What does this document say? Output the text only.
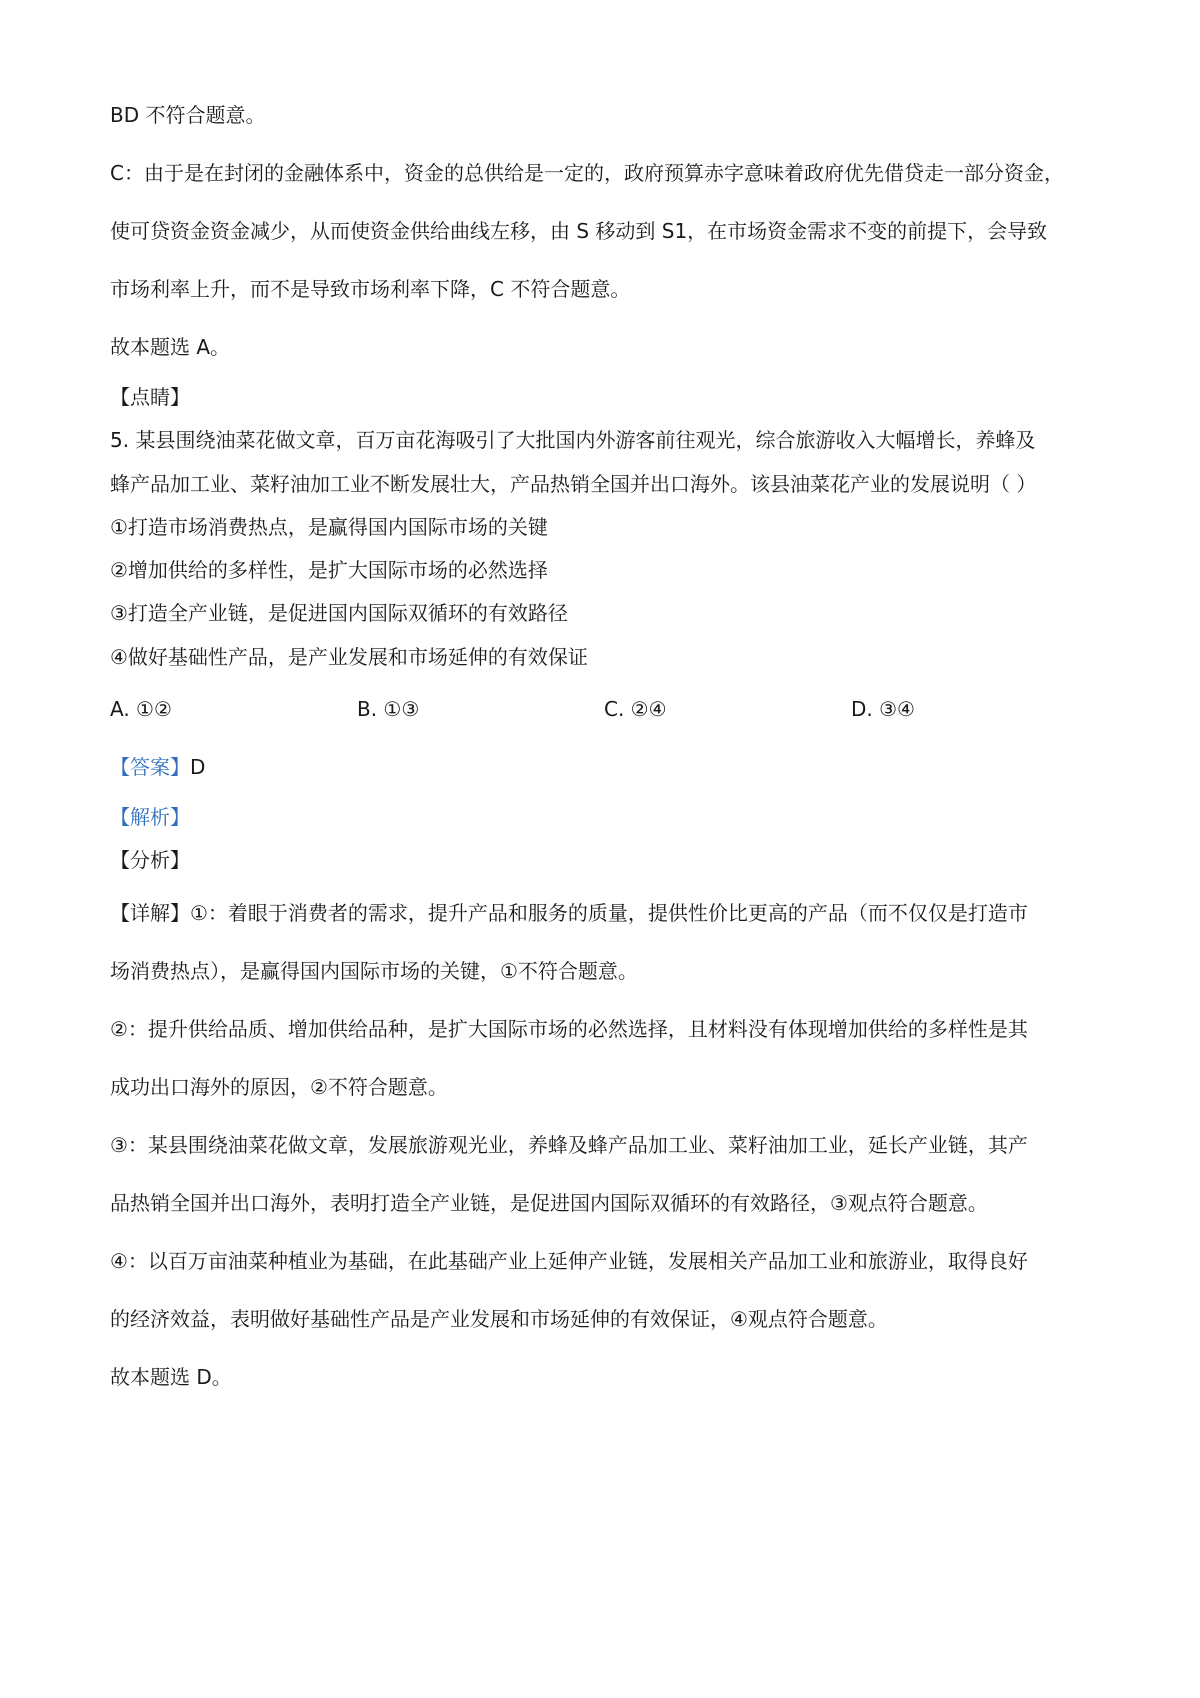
BD 不符合题意。
C：由于是在封闭的金融体系中，资金的总供给是一定的，政府预算赤字意味着政府优先借贷走一部分资金，
使可贷资金资金减少，从而使资金供给曲线左移，由 S 移动到 S1，在市场资金需求不变的前提下，会导致
市场利率上升，而不是导致市场利率下降，C 不符合题意。
故本题选 A。
【点睛】
5. 某县围绕油菜花做文章，百万亩花海吸引了大批国内外游客前往观光，综合旅游收入大幅增长，养蜂及
蜂产品加工业、菜籽油加工业不断发展壮大，产品热销全国并出口海外。该县油菜花产业的发展说明（ ）
①打造市场消费热点，是赢得国内国际市场的关键
②增加供给的多样性，是扩大国际市场的必然选择
③打造全产业链，是促进国内国际双循环的有效路径
④做好基础性产品，是产业发展和市场延伸的有效保证
A. ①②	B. ①③	C. ②④	D. ③④
【答案】D
【解析】
【分析】
【详解】①：着眼于消费者的需求，提升产品和服务的质量，提供性价比更高的产品（而不仅仅是打造市
场消费热点），是赢得国内国际市场的关键，①不符合题意。
②：提升供给品质、增加供给品种，是扩大国际市场的必然选择，且材料没有体现增加供给的多样性是其
成功出口海外的原因，②不符合题意。
③：某县围绕油菜花做文章，发展旅游观光业，养蜂及蜂产品加工业、菜籽油加工业，延长产业链，其产
品热销全国并出口海外，表明打造全产业链，是促进国内国际双循环的有效路径，③观点符合题意。
④：以百万亩油菜种植业为基础，在此基础产业上延伸产业链，发展相关产品加工业和旅游业，取得良好
的经济效益，表明做好基础性产品是产业发展和市场延伸的有效保证，④观点符合题意。
故本题选 D。
